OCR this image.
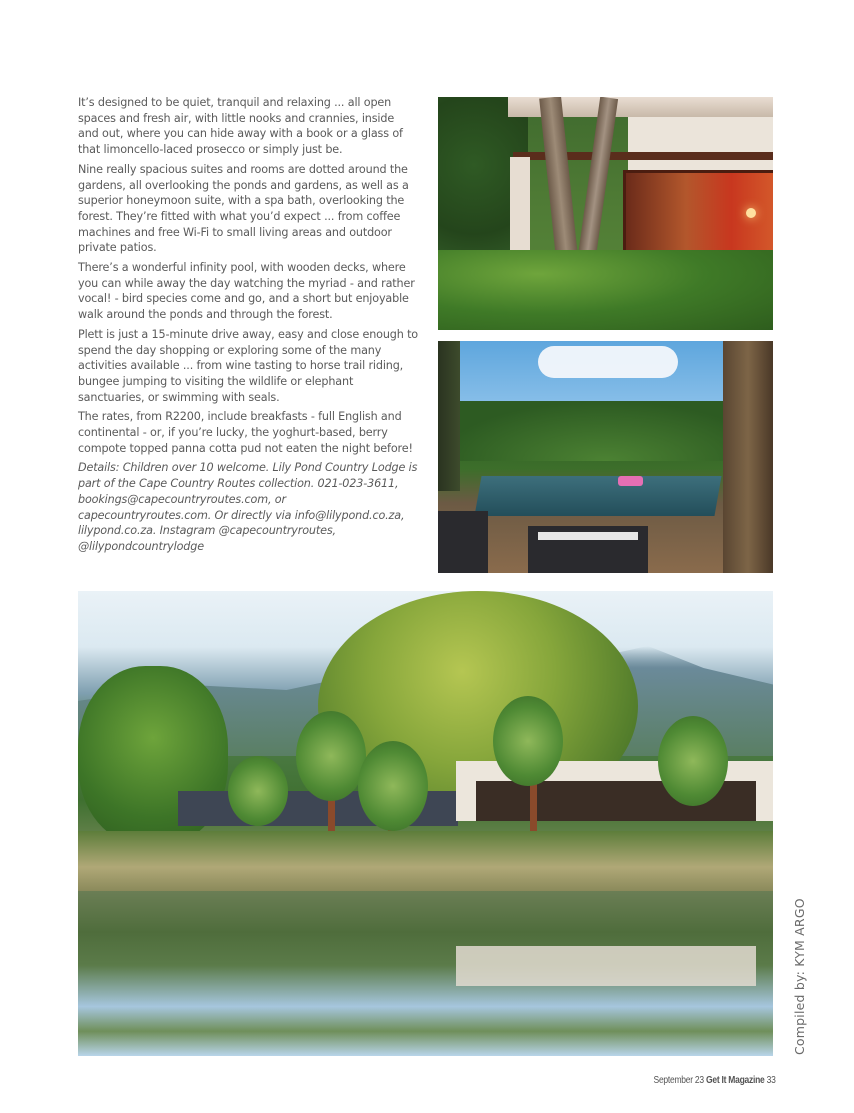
It’s designed to be quiet, tranquil and relaxing ... all open spaces and fresh air, with little nooks and crannies, inside and out, where you can hide away with a book or a glass of that limoncello-laced prosecco or simply just be.

Nine really spacious suites and rooms are dotted around the gardens, all overlooking the ponds and gardens, as well as a superior honeymoon suite, with a spa bath, overlooking the forest. They’re fitted with what you’d expect ... from coffee machines and free Wi-Fi to small living areas and outdoor private patios.

There’s a wonderful infinity pool, with wooden decks, where you can while away the day watching the myriad - and rather vocal! - bird species come and go, and a short but enjoyable walk around the ponds and through the forest.

Plett is just a 15-minute drive away, easy and close enough to spend the day shopping or exploring some of the many activities available ... from wine tasting to horse trail riding, bungee jumping to visiting the wildlife or elephant sanctuaries, or swimming with seals.

The rates, from R2200, include breakfasts - full English and continental - or, if you’re lucky, the yoghurt-based, berry compote topped panna cotta pud not eaten the night before!

Details: Children over 10 welcome. Lily Pond Country Lodge is part of the Cape Country Routes collection. 021-023-3611, bookings@capecountryroutes.com, or capecountryroutes.com. Or directly via info@lilypond.co.za, lilypond.co.za. Instagram @capecountryroutes, @lilypondcountrylodge

Compiled by: KYM ARGO
September 23 Get It Magazine 33
